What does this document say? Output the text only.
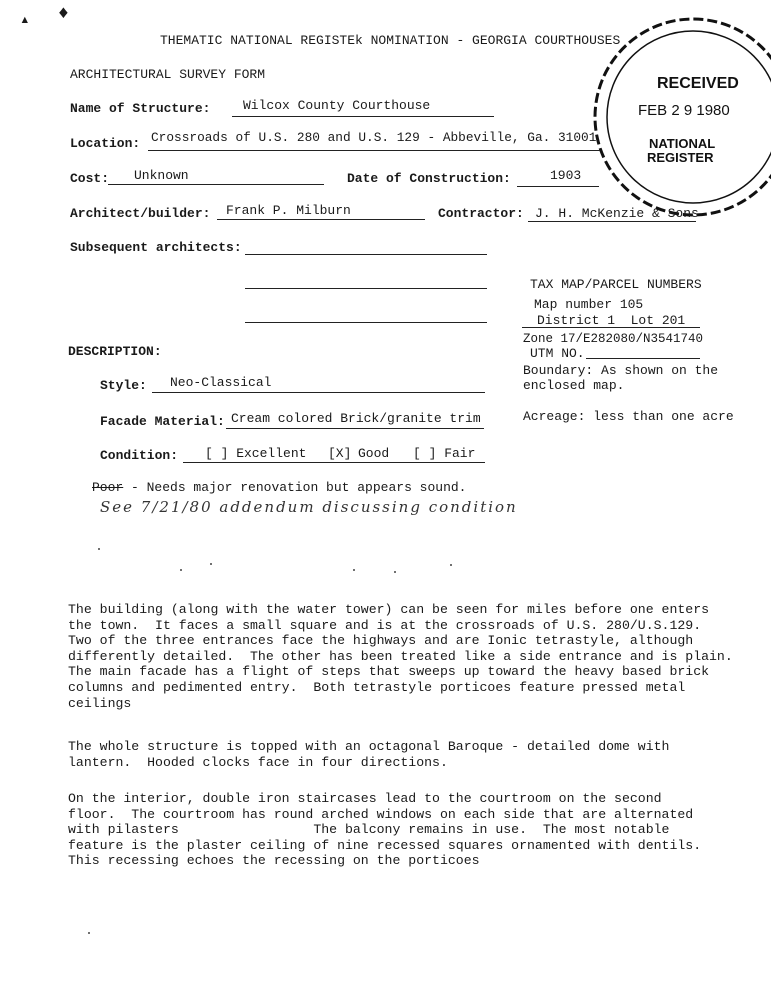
▴ ♦
THEMATIC NATIONAL REGISTEk NOMINATION - GEORGIA COURTHOUSES
ARCHITECTURAL SURVEY FORM
RECEIVED
FEB 2 9 1980
NATIONAL
REGISTER
Name of Structure:	Wilcox County Courthouse
Location: Crossroads of U.S. 280 and U.S. 129 - Abbeville, Ga. 31001
Cost: Unknown	Date of Construction:	1903
Architect/builder: Frank P. Milburn	Contractor: J. H. McKenzie & Sons
Subsequent architects:
TAX MAP/PARCEL NUMBERS
Map number 105
District 1  Lot 201
Zone 17/E282080/N3541740
UTM NO.
Boundary: As shown on the
enclosed map.
Acreage: less than one acre
DESCRIPTION:
Style: Neo-Classical
Facade Material: Cream colored Brick/granite trim
Condition: [ ] Excellent [X] Good [ ] Fair
Poor - Needs major renovation but appears sound.
See 7/21/80 addendum discussing condition
The building (along with the water tower) can be seen for miles before one enters
the town.  It faces a small square and is at the crossroads of U.S. 280/U.S.129.
Two of the three entrances face the highways and are Ionic tetrastyle, although
differently detailed.  The other has been treated like a side entrance and is plain.
The main facade has a flight of steps that sweeps up toward the heavy based brick
columns and pedimented entry.  Both tetrastyle porticoes feature pressed metal
ceilings
The whole structure is topped with an octagonal Baroque - detailed dome with
lantern.  Hooded clocks face in four directions.
On the interior, double iron staircases lead to the courtroom on the second
floor.  The courtroom has round arched windows on each side that are alternated
with pilasters                 The balcony remains in use.  The most notable
feature is the plaster ceiling of nine recessed squares ornamented with dentils.
This recessing echoes the recessing on the porticoes
